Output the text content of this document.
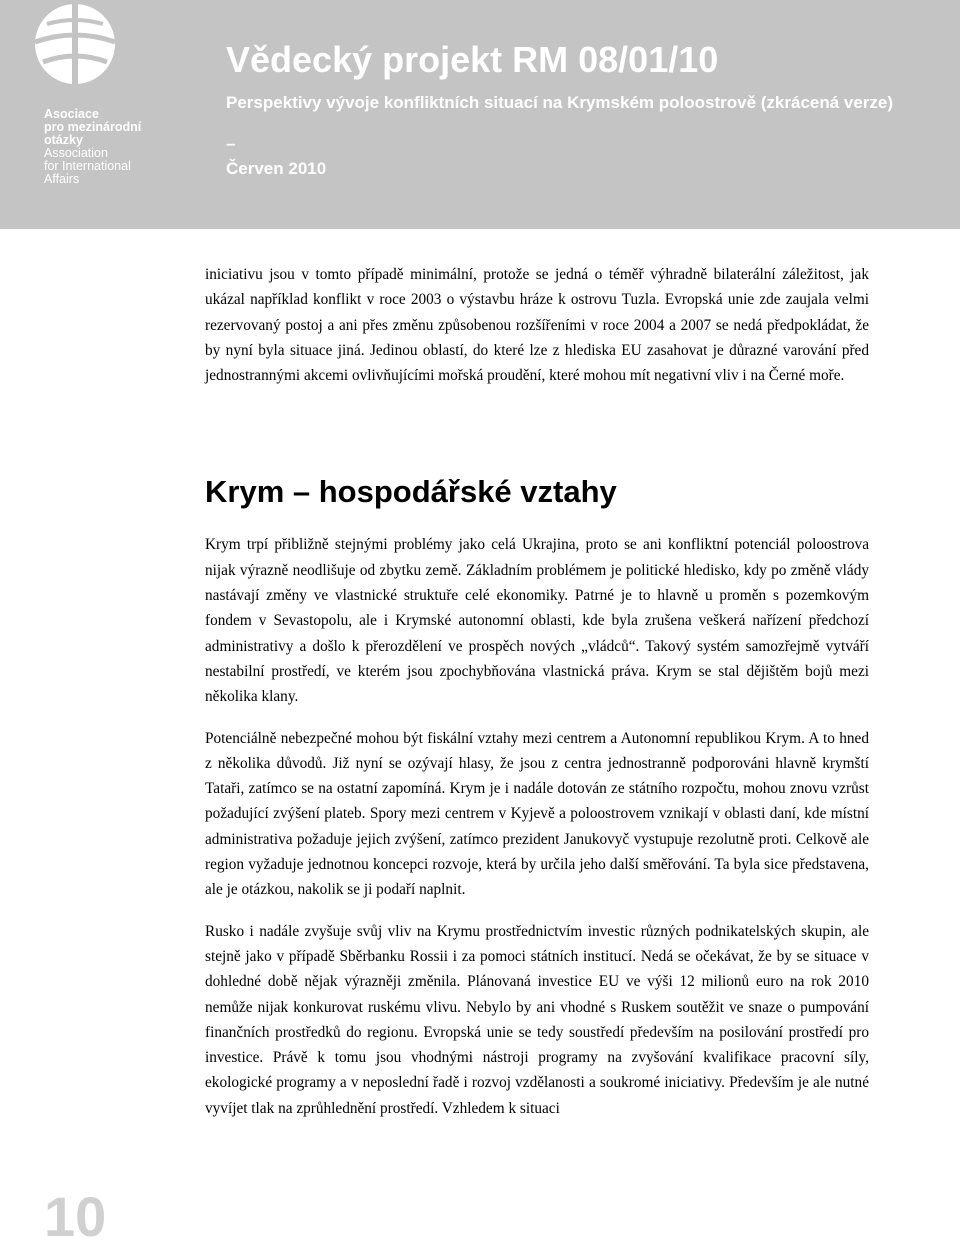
Asociace
pro mezinárodní
otázky
Association
for International
Affairs
Vědecký projekt RM 08/01/10

Perspektivy vývoje konfliktních situací na Krymském poloostrově (zkrácená verze)

–

Červen 2010

iniciativu jsou v tomto případě minimální, protože se jedná o téměř výhradně bilaterální záležitost, jak ukázal například konflikt v roce 2003 o výstavbu hráze k ostrovu Tuzla. Evropská unie zde zaujala velmi rezervovaný postoj a ani přes změnu způsobenou rozšířeními v roce 2004 a 2007 se nedá předpokládat, že by nyní byla situace jiná. Jedinou oblastí, do které lze z hlediska EU zasahovat je důrazné varování před jednostrannými akcemi ovlivňujícími mořská proudění, které mohou mít negativní vliv i na Černé moře.

Krym – hospodářské vztahy

Krym trpí přibližně stejnými problémy jako celá Ukrajina, proto se ani konfliktní potenciál poloostrova nijak výrazně neodlišuje od zbytku země. Základním problémem je politické hledisko, kdy po změně vlády nastávají změny ve vlastnické struktuře celé ekonomiky. Patrné je to hlavně u proměn s pozemkovým fondem v Sevastopolu, ale i Krymské autonomní oblasti, kde byla zrušena veškerá nařízení předchozí administrativy a došlo k přerozdělení ve prospěch nových „vládců“. Takový systém samozřejmě vytváří nestabilní prostředí, ve kterém jsou zpochybňována vlastnická práva. Krym se stal dějištěm bojů mezi několika klany.

Potenciálně nebezpečné mohou být fiskální vztahy mezi centrem a Autonomní republikou Krym. A to hned z několika důvodů. Již nyní se ozývají hlasy, že jsou z centra jednostranně podporováni hlavně krymští Tataři, zatímco se na ostatní zapomíná. Krym je i nadále dotován ze státního rozpočtu, mohou znovu vzrůst požadující zvýšení plateb. Spory mezi centrem v Kyjevě a poloostrovem vznikají v oblasti daní, kde místní administrativa požaduje jejich zvýšení, zatímco prezident Janukovyč vystupuje rezolutně proti. Celkově ale region vyžaduje jednotnou koncepci rozvoje, která by určila jeho další směřování. Ta byla sice představena, ale je otázkou, nakolik se ji podaří naplnit.

Rusko i nadále zvyšuje svůj vliv na Krymu prostřednictvím investic různých podnikatelských skupin, ale stejně jako v případě Sběrbanku Rossii i za pomoci státních institucí. Nedá se očekávat, že by se situace v dohledné době nějak výrazněji změnila. Plánovaná investice EU ve výši 12 milionů euro na rok 2010 nemůže nijak konkurovat ruskému vlivu. Nebylo by ani vhodné s Ruskem soutěžit ve snaze o pumpování finančních prostředků do regionu. Evropská unie se tedy soustředí především na posilování prostředí pro investice. Právě k tomu jsou vhodnými nástroji programy na zvyšování kvalifikace pracovní síly, ekologické programy a v neposlední řadě i rozvoj vzdělanosti a soukromé iniciativy. Především je ale nutné vyvíjet tlak na zprůhlednění prostředí. Vzhledem k situaci

10
